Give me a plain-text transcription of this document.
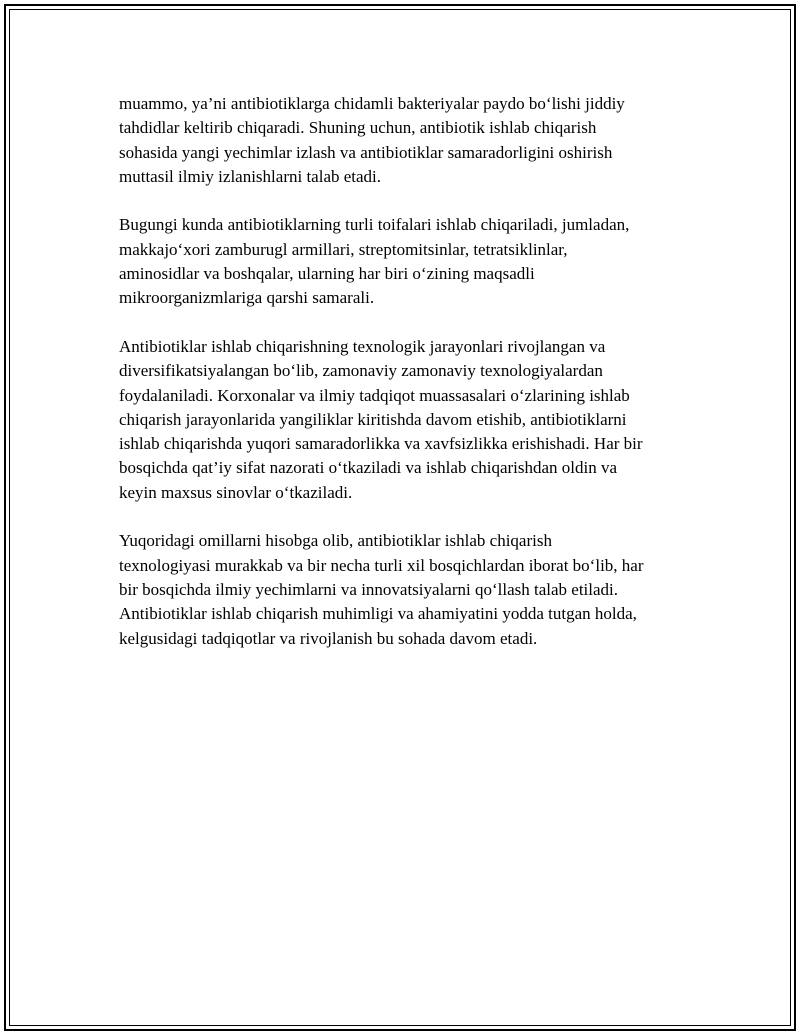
muammo, ya’ni antibiotiklarga chidamli bakteriyalar paydo bo‘lishi jiddiy
tahdidlar keltirib chiqaradi. Shuning uchun, antibiotik ishlab chiqarish
sohasida yangi yechimlar izlash va antibiotiklar samaradorligini oshirish
muttasil ilmiy izlanishlarni talab etadi.

Bugungi kunda antibiotiklarning turli toifalari ishlab chiqariladi, jumladan,
makkajo‘xori zamburugl armillari, streptomitsinlar, tetratsiklinlar,
aminosidlar va boshqalar, ularning har biri o‘zining maqsadli
mikroorganizmlariga qarshi samarali.

Antibiotiklar ishlab chiqarishning texnologik jarayonlari rivojlangan va
diversifikatsiyalangan bo‘lib, zamonaviy zamonaviy texnologiyalardan
foydalaniladi. Korxonalar va ilmiy tadqiqot muassasalari o‘zlarining ishlab
chiqarish jarayonlarida yangiliklar kiritishda davom etishib, antibiotiklarni
ishlab chiqarishda yuqori samaradorlikka va xavfsizlikka erishishadi. Har bir
bosqichda qat’iy sifat nazorati o‘tkaziladi va ishlab chiqarishdan oldin va
keyin maxsus sinovlar o‘tkaziladi.

Yuqoridagi omillarni hisobga olib, antibiotiklar ishlab chiqarish
texnologiyasi murakkab va bir necha turli xil bosqichlardan iborat bo‘lib, har
bir bosqichda ilmiy yechimlarni va innovatsiyalarni qo‘llash talab etiladi.
Antibiotiklar ishlab chiqarish muhimligi va ahamiyatini yodda tutgan holda,
kelgusidagi tadqiqotlar va rivojlanish bu sohada davom etadi.
